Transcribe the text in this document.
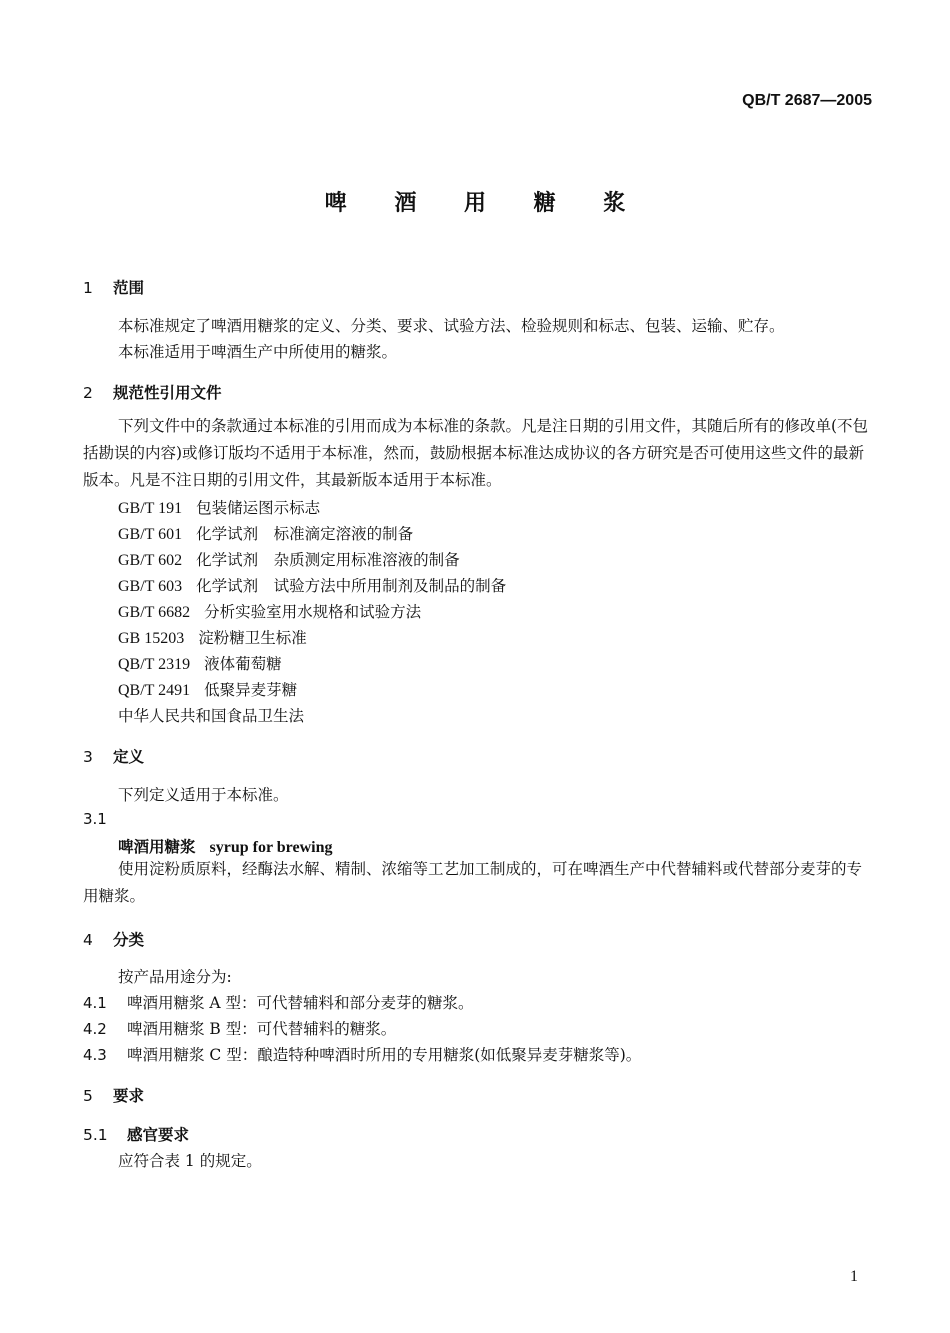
QB/T 2687—2005
啤 酒 用 糖 浆
1 范围
本标准规定了啤酒用糖浆的定义、分类、要求、试验方法、检验规则和标志、包装、运输、贮存。
本标准适用于啤酒生产中所使用的糖浆。
2 规范性引用文件
下列文件中的条款通过本标准的引用而成为本标准的条款。凡是注日期的引用文件，其随后所有的修改单(不包括勘误的内容)或修订版均不适用于本标准，然而，鼓励根据本标准达成协议的各方研究是否可使用这些文件的最新版本。凡是不注日期的引用文件，其最新版本适用于本标准。
GB/T 191 包装储运图示标志
GB/T 601 化学试剂　标准滴定溶液的制备
GB/T 602 化学试剂　杂质测定用标准溶液的制备
GB/T 603 化学试剂　试验方法中所用制剂及制品的制备
GB/T 6682 分析实验室用水规格和试验方法
GB 15203 淀粉糖卫生标准
QB/T 2319 液体葡萄糖
QB/T 2491 低聚异麦芽糖
中华人民共和国食品卫生法
3 定义
下列定义适用于本标准。
3.1
啤酒用糖浆 syrup for brewing
使用淀粉质原料，经酶法水解、精制、浓缩等工艺加工制成的，可在啤酒生产中代替辅料或代替部分麦芽的专用糖浆。
4 分类
按产品用途分为:
4.1 啤酒用糖浆 A 型：可代替辅料和部分麦芽的糖浆。
4.2 啤酒用糖浆 B 型：可代替辅料的糖浆。
4.3 啤酒用糖浆 C 型：酿造特种啤酒时所用的专用糖浆(如低聚异麦芽糖浆等)。
5 要求
5.1 感官要求
应符合表 1 的规定。
1
